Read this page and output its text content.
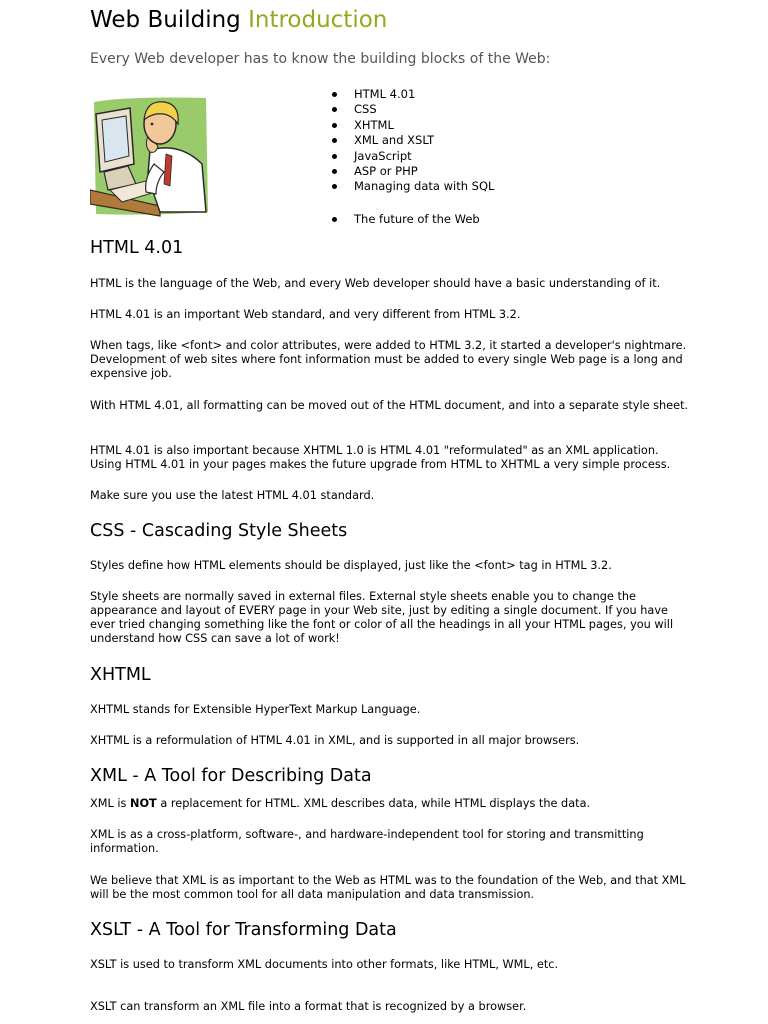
Web Building Introduction

Every Web developer has to know the building blocks of the Web:

HTML 4.01
CSS
XHTML
XML and XSLT
JavaScript
ASP or PHP
Managing data with SQL
The future of the Web
HTML 4.01

HTML is the language of the Web, and every Web developer should have a basic understanding of it.

HTML 4.01 is an important Web standard, and very different from HTML 3.2.

When tags, like <font> and color attributes, were added to HTML 3.2, it started a developer's nightmare. Development of web sites where font information must be added to every single Web page is a long and expensive job.

With HTML 4.01, all formatting can be moved out of the HTML document, and into a separate style sheet.

HTML 4.01 is also important because XHTML 1.0 is HTML 4.01 "reformulated" as an XML application. Using HTML 4.01 in your pages makes the future upgrade from HTML to XHTML a very simple process.

Make sure you use the latest HTML 4.01 standard.

CSS - Cascading Style Sheets

Styles define how HTML elements should be displayed, just like the <font> tag in HTML 3.2.

Style sheets are normally saved in external files. External style sheets enable you to change the appearance and layout of EVERY page in your Web site, just by editing a single document. If you have ever tried changing something like the font or color of all the headings in all your HTML pages, you will understand how CSS can save a lot of work!

XHTML

XHTML stands for Extensible HyperText Markup Language.

XHTML is a reformulation of HTML 4.01 in XML, and is supported in all major browsers.

XML - A Tool for Describing Data

XML is NOT a replacement for HTML. XML describes data, while HTML displays the data.

XML is as a cross-platform, software-, and hardware-independent tool for storing and transmitting information.

We believe that XML is as important to the Web as HTML was to the foundation of the Web, and that XML will be the most common tool for all data manipulation and data transmission.

XSLT - A Tool for Transforming Data

XSLT is used to transform XML documents into other formats, like HTML, WML, etc.

XSLT can transform an XML file into a format that is recognized by a browser.
